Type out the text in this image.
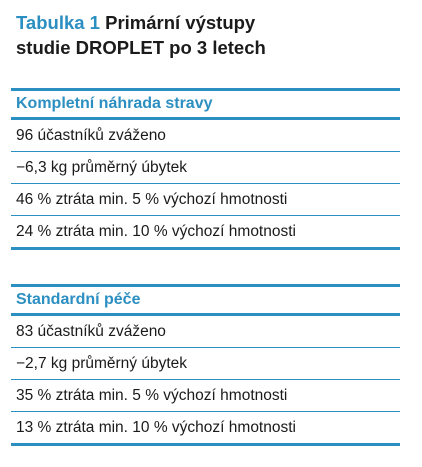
Tabulka 1 Primární výstupy
studie DROPLET po 3 letech
Kompletní náhrada stravy
96 účastníků zváženo
−6,3 kg průměrný úbytek
46 % ztráta min. 5 % výchozí hmotnosti
24 % ztráta min. 10 % výchozí hmotnosti
Standardní péče
83 účastníků zváženo
−2,7 kg průměrný úbytek
35 % ztráta min. 5 % výchozí hmotnosti
13 % ztráta min. 10 % výchozí hmotnosti
